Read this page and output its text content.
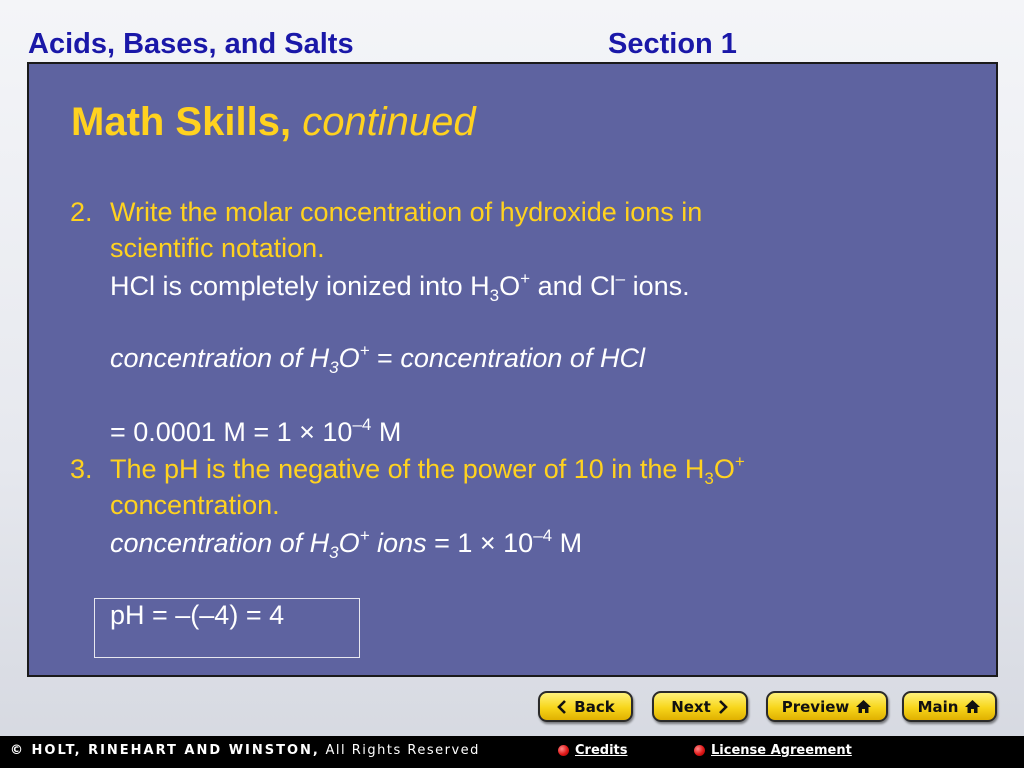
Acids, Bases, and Salts	Section 1
Math Skills, continued
2. Write the molar concentration of hydroxide ions in
scientific notation.
HCl is completely ionized into $H_3O^+$ and Cl– ions.
concentration of $H_3O^+$ = concentration of HCl
= 0.0001 $M = 1 \times 10^{-4}$ M
3. The pH is the negative of the power of 10 in the $H_3O^+$
concentration.
concentration of $H_3O^+$ ions = $1 \times 10^{-4}$ M
pH = –(–4) = 4
Back	Next	Preview	Main
© HOLT, RINEHART AND WINSTON, All Rights Reserved	Credits	License Agreement
